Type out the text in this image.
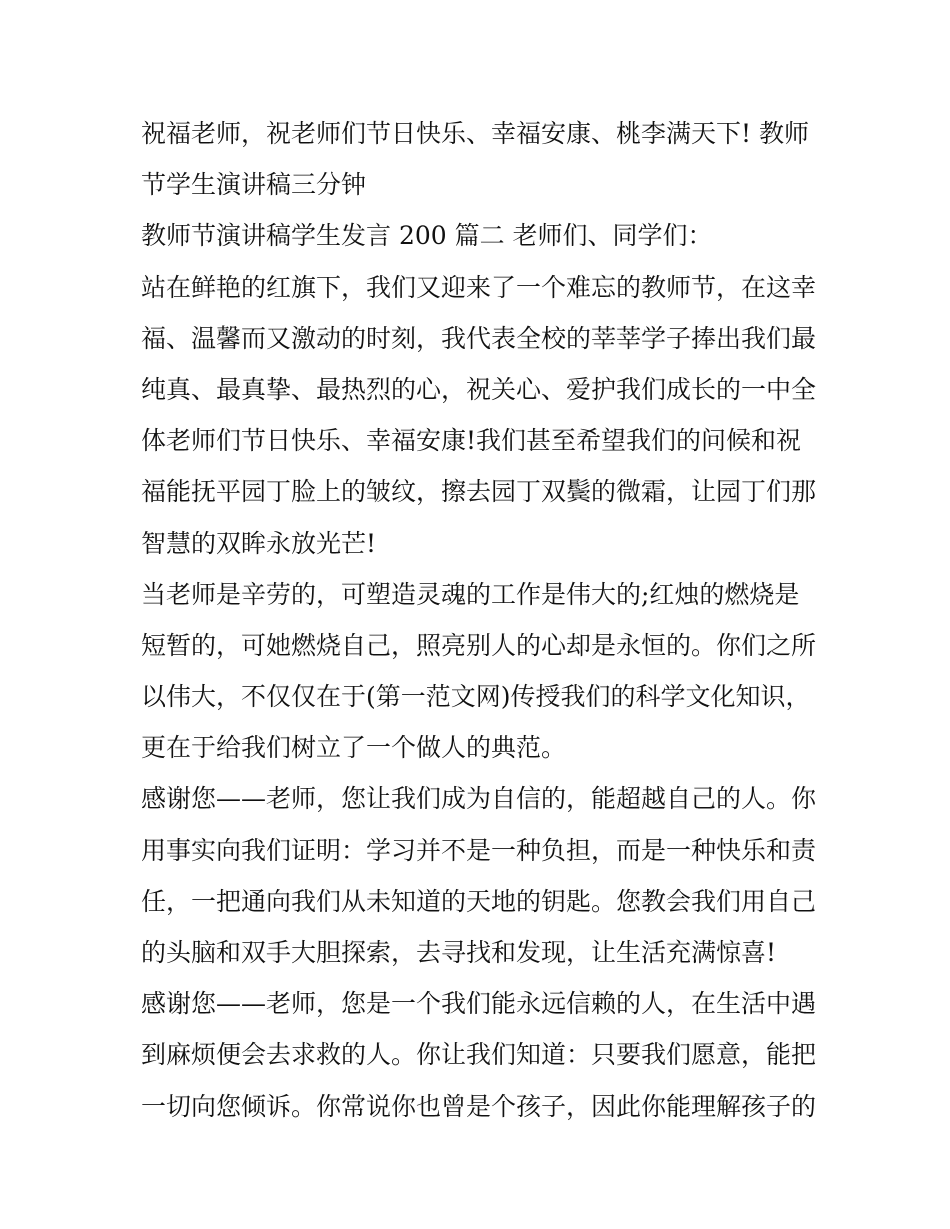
祝福老师，祝老师们节日快乐、幸福安康、桃李满天下! 教师
节学生演讲稿三分钟
教师节演讲稿学生发言 200 篇二 老师们、同学们：
站在鲜艳的红旗下，我们又迎来了一个难忘的教师节，在这幸
福、温馨而又激动的时刻，我代表全校的莘莘学子捧出我们最
纯真、最真挚、最热烈的心，祝关心、爱护我们成长的一中全
体老师们节日快乐、幸福安康!我们甚至希望我们的问候和祝
福能抚平园丁脸上的皱纹，擦去园丁双鬓的微霜，让园丁们那
智慧的双眸永放光芒!
当老师是辛劳的，可塑造灵魂的工作是伟大的;红烛的燃烧是
短暂的，可她燃烧自己，照亮别人的心却是永恒的。你们之所
以伟大，不仅仅在于(第一范文网)传授我们的科学文化知识，
更在于给我们树立了一个做人的典范。
感谢您——老师，您让我们成为自信的，能超越自己的人。你
用事实向我们证明：学习并不是一种负担，而是一种快乐和责
任，一把通向我们从未知道的天地的钥匙。您教会我们用自己
的头脑和双手大胆探索，去寻找和发现，让生活充满惊喜!
感谢您——老师，您是一个我们能永远信赖的人，在生活中遇
到麻烦便会去求救的人。你让我们知道：只要我们愿意，能把
一切向您倾诉。你常说你也曾是个孩子，因此你能理解孩子的
